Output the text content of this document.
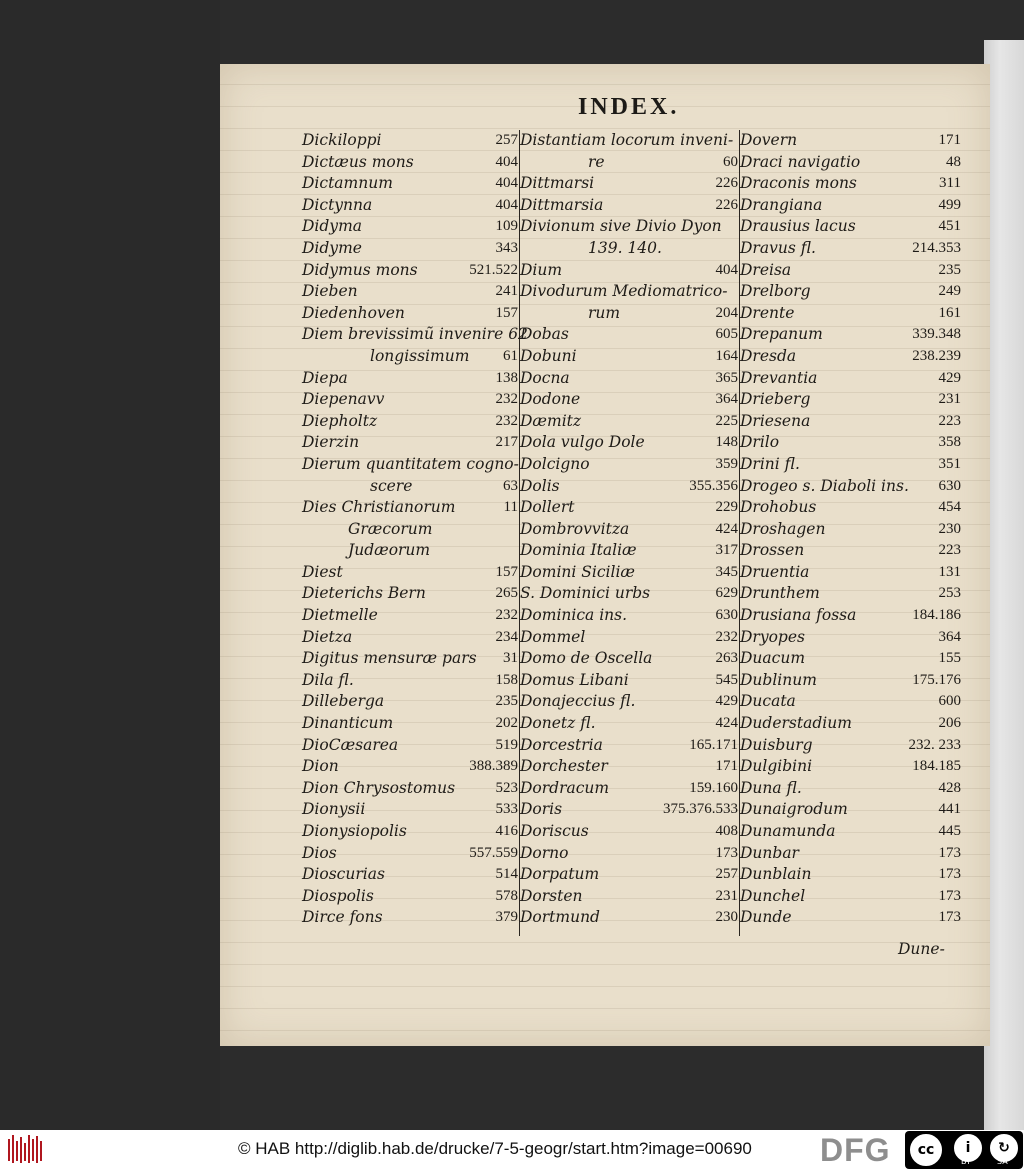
INDEX.
Dickiloppi	257
Dictæus mons	404
Dictamnum	404
Dictynna	404
Didyma	109
Didyme	343
Didymus mons	521.522
Dieben	241
Diedenhoven	157
Diem brevissimũ invenire 62
longissimum 61
Diepa	138
Diepenavv	232
Diepholtz	232
Dierzin	217
Dierum quantitatem cogno-
scere	63
Dies Christianorum	11
Græcorum
Judæorum
Diest	157
Dieterichs Bern	265
Dietmelle	232
Dietza	234
Digitus mensuræ pars 31
Dila fl.	158
Dilleberga	235
Dinanticum	202
DioCæsarea	519
Dion	388.389
Dion Chrysostomus	523
Dionysii	533
Dionysiopolis	416
Dios	557.559
Dioscurias	514
Diospolis	578
Dirce fons	379
Distantiam locorum inveni-
re	60
Dittmarsi	226
Dittmarsia	226
Divionum sive Divio Dyon
139. 140.
Dium	404
Divodurum Mediomatrico-
rum	204
Dobas	605
Dobuni	164
Docna	365
Dodone	364
Dæmitz	225
Dola vulgo Dole	148
Dolcigno	359
Dolis	355.356
Dollert	229
Dombrovvitza	424
Dominia Italiæ	317
Domini Siciliæ	345
S. Dominici urbs	629
Dominica ins.	630
Dommel	232
Domo de Oscella	263
Domus Libani	545
Donajeccius fl.	429
Donetz fl.	424
Dorcestria	165.171
Dorchester	171
Dordracum	159.160
Doris	375.376.533
Doriscus	408
Dorno	173
Dorpatum	257
Dorsten	231
Dortmund	230
Dovern	171
Draci navigatio	48
Draconis mons	311
Drangiana	499
Drausius lacus	451
Dravus fl.	214.353
Dreisa	235
Drelborg	249
Drente	161
Drepanum	339.348
Dresda	238.239
Drevantia	429
Drieberg	231
Driesena	223
Drilo	358
Drini fl.	351
Drogeo s. Diaboli ins. 630
Drohobus	454
Droshagen	230
Drossen	223
Druentia	131
Drunthem	253
Drusiana fossa	184.186
Dryopes	364
Duacum	155
Dublinum	175.176
Ducata	600
Duderstadium	206
Duisburg	232. 233
Dulgibini	184.185
Duna fl.	428
Dunaigrodum	441
Dunamunda	445
Dunbar	173
Dunblain	173
Dunchel	173
Dunde	173
Dune-
© HAB http://diglib.hab.de/drucke/7-5-geogr/start.htm?image=00690 DFG	cc	i	↻
BY	SA
